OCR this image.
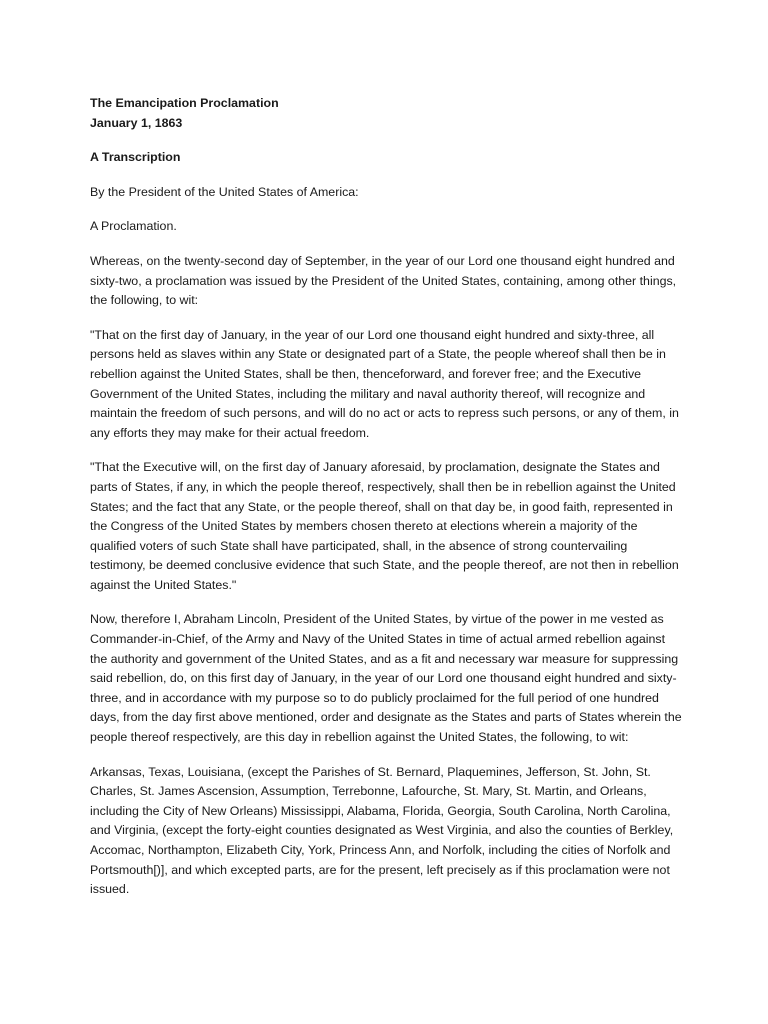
The Emancipation Proclamation

January 1, 1863

A Transcription

By the President of the United States of America:

A Proclamation.

Whereas, on the twenty-second day of September, in the year of our Lord one thousand eight hundred and sixty-two, a proclamation was issued by the President of the United States, containing, among other things, the following, to wit:

"That on the first day of January, in the year of our Lord one thousand eight hundred and sixty-three, all persons held as slaves within any State or designated part of a State, the people whereof shall then be in rebellion against the United States, shall be then, thenceforward, and forever free; and the Executive Government of the United States, including the military and naval authority thereof, will recognize and maintain the freedom of such persons, and will do no act or acts to repress such persons, or any of them, in any efforts they may make for their actual freedom.

"That the Executive will, on the first day of January aforesaid, by proclamation, designate the States and parts of States, if any, in which the people thereof, respectively, shall then be in rebellion against the United States; and the fact that any State, or the people thereof, shall on that day be, in good faith, represented in the Congress of the United States by members chosen thereto at elections wherein a majority of the qualified voters of such State shall have participated, shall, in the absence of strong countervailing testimony, be deemed conclusive evidence that such State, and the people thereof, are not then in rebellion against the United States."

Now, therefore I, Abraham Lincoln, President of the United States, by virtue of the power in me vested as Commander-in-Chief, of the Army and Navy of the United States in time of actual armed rebellion against the authority and government of the United States, and as a fit and necessary war measure for suppressing said rebellion, do, on this first day of January, in the year of our Lord one thousand eight hundred and sixty-three, and in accordance with my purpose so to do publicly proclaimed for the full period of one hundred days, from the day first above mentioned, order and designate as the States and parts of States wherein the people thereof respectively, are this day in rebellion against the United States, the following, to wit:

Arkansas, Texas, Louisiana, (except the Parishes of St. Bernard, Plaquemines, Jefferson, St. John, St. Charles, St. James Ascension, Assumption, Terrebonne, Lafourche, St. Mary, St. Martin, and Orleans, including the City of New Orleans) Mississippi, Alabama, Florida, Georgia, South Carolina, North Carolina, and Virginia, (except the forty-eight counties designated as West Virginia, and also the counties of Berkley, Accomac, Northampton, Elizabeth City, York, Princess Ann, and Norfolk, including the cities of Norfolk and Portsmouth[)], and which excepted parts, are for the present, left precisely as if this proclamation were not issued.
